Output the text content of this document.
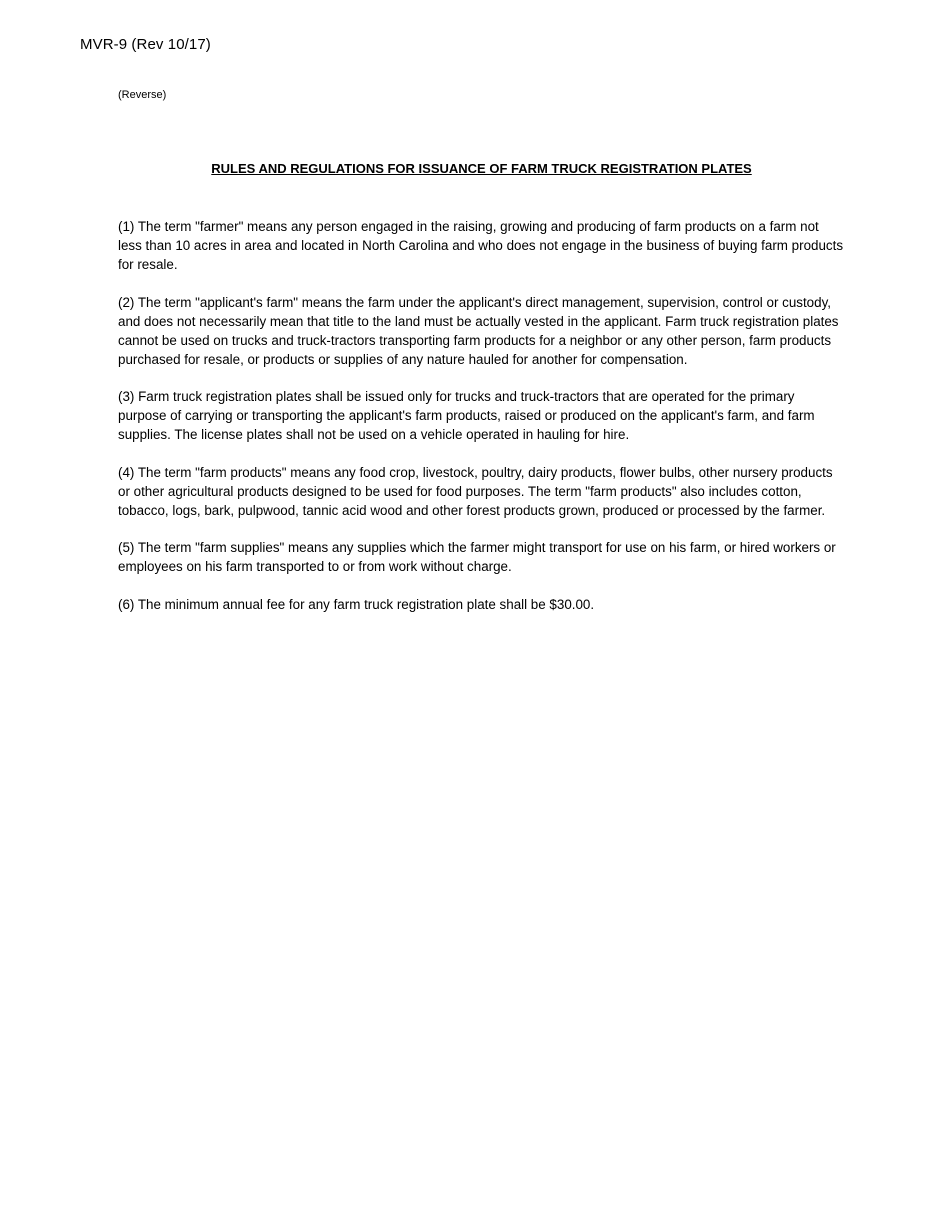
MVR-9 (Rev 10/17)
(Reverse)
RULES AND REGULATIONS FOR ISSUANCE OF FARM TRUCK REGISTRATION PLATES

(1) The term "farmer" means any person engaged in the raising, growing and producing of farm products on a farm not less than 10 acres in area and located in North Carolina and who does not engage in the business of buying farm products for resale.

(2) The term "applicant's farm" means the farm under the applicant's direct management, supervision, control or custody, and does not necessarily mean that title to the land must be actually vested in the applicant. Farm truck registration plates cannot be used on trucks and truck-tractors transporting farm products for a neighbor or any other person, farm products purchased for resale, or products or supplies of any nature hauled for another for compensation.

(3) Farm truck registration plates shall be issued only for trucks and truck-tractors that are operated for the primary purpose of carrying or transporting the applicant's farm products, raised or produced on the applicant's farm, and farm supplies. The license plates shall not be used on a vehicle operated in hauling for hire.

(4) The term "farm products" means any food crop, livestock, poultry, dairy products, flower bulbs, other nursery products or other agricultural products designed to be used for food purposes. The term "farm products" also includes cotton, tobacco, logs, bark, pulpwood, tannic acid wood and other forest products grown, produced or processed by the farmer.

(5) The term "farm supplies" means any supplies which the farmer might transport for use on his farm, or hired workers or employees on his farm transported to or from work without charge.

(6) The minimum annual fee for any farm truck registration plate shall be $30.00.
